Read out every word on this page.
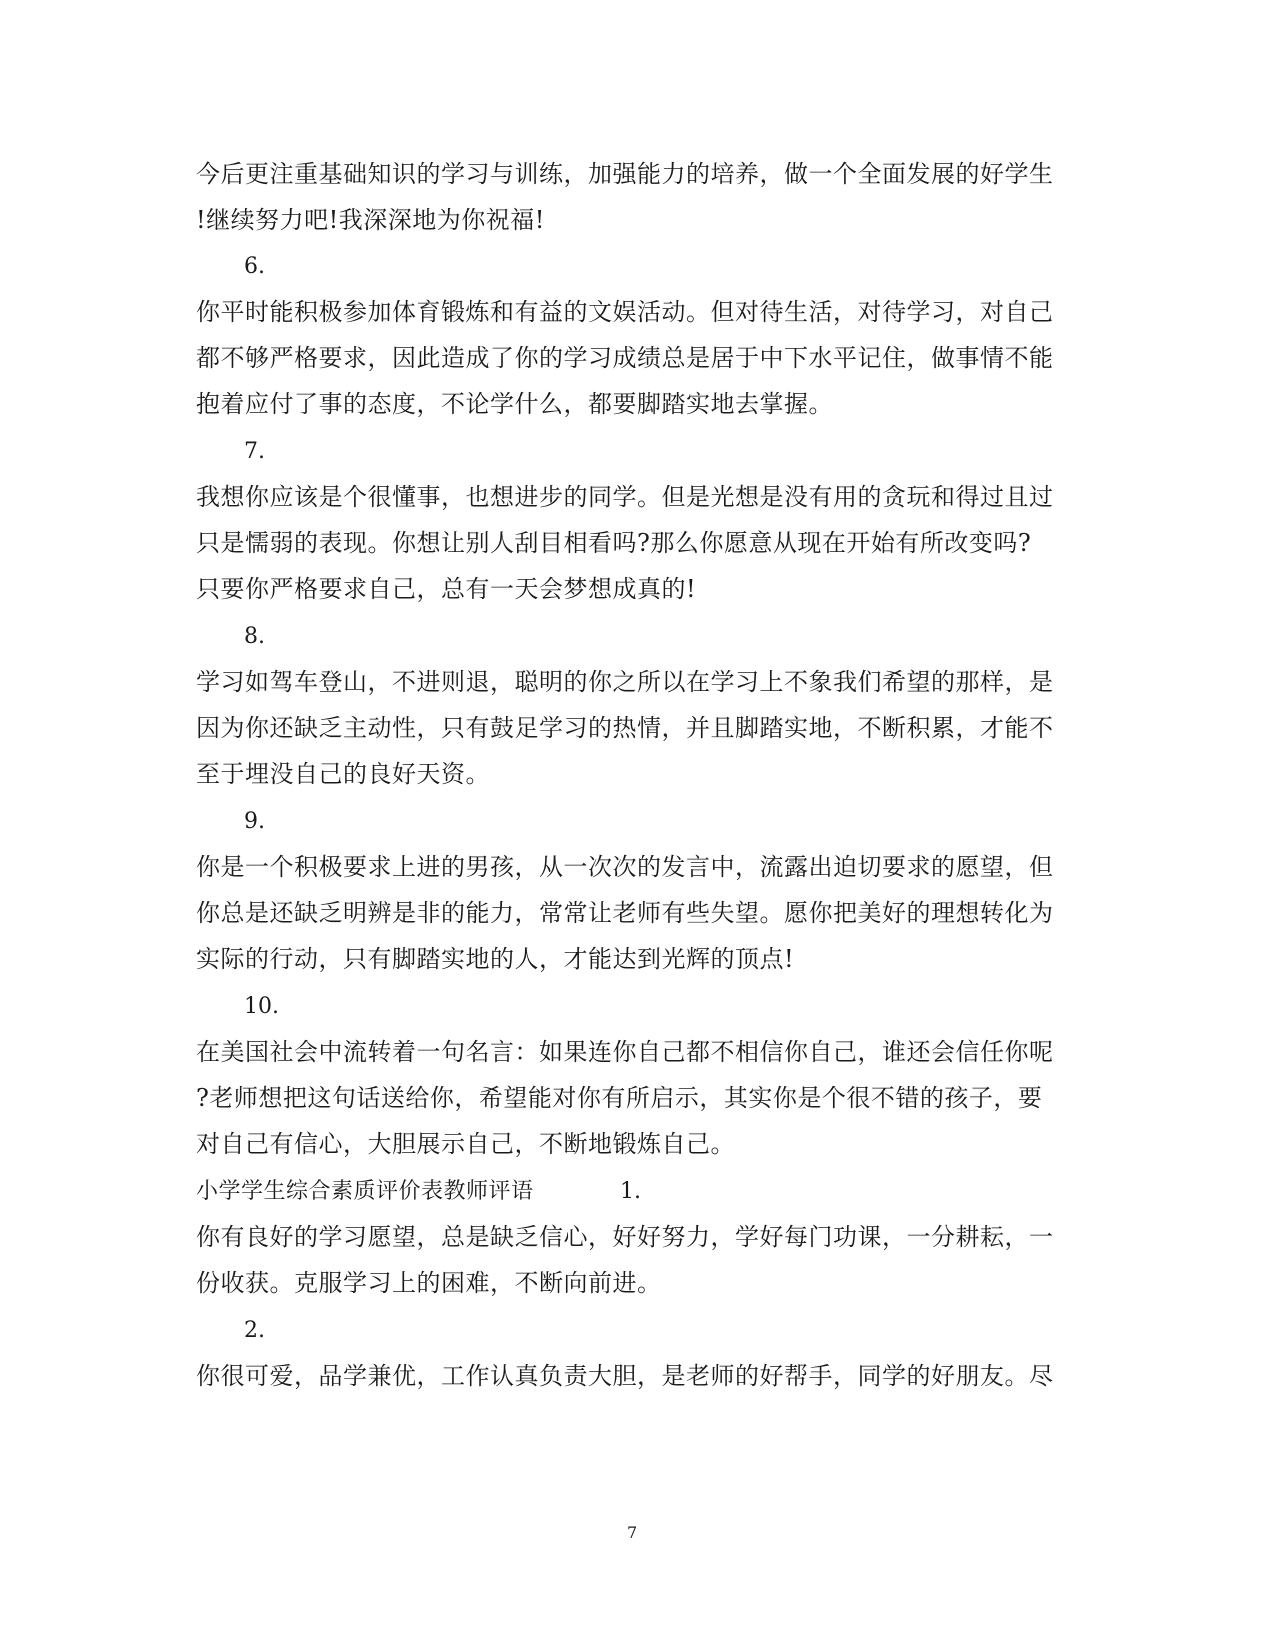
今后更注重基础知识的学习与训练，加强能力的培养，做一个全面发展的好学生
!继续努力吧!我深深地为你祝福!
6.
你平时能积极参加体育锻炼和有益的文娱活动。但对待生活，对待学习，对自己
都不够严格要求，因此造成了你的学习成绩总是居于中下水平记住，做事情不能
抱着应付了事的态度，不论学什么，都要脚踏实地去掌握。
7.
我想你应该是个很懂事，也想进步的同学。但是光想是没有用的贪玩和得过且过
只是懦弱的表现。你想让别人刮目相看吗?那么你愿意从现在开始有所改变吗?
只要你严格要求自己，总有一天会梦想成真的!
8.
学习如驾车登山，不进则退，聪明的你之所以在学习上不象我们希望的那样，是
因为你还缺乏主动性，只有鼓足学习的热情，并且脚踏实地，不断积累，才能不
至于埋没自己的良好天资。
9.
你是一个积极要求上进的男孩，从一次次的发言中，流露出迫切要求的愿望，但
你总是还缺乏明辨是非的能力，常常让老师有些失望。愿你把美好的理想转化为
实际的行动，只有脚踏实地的人，才能达到光辉的顶点!
10.
在美国社会中流转着一句名言：如果连你自己都不相信你自己，谁还会信任你呢
?老师想把这句话送给你，希望能对你有所启示，其实你是个很不错的孩子，要
对自己有信心，大胆展示自己，不断地锻炼自己。
小学学生综合素质评价表教师评语	1.
你有良好的学习愿望，总是缺乏信心，好好努力，学好每门功课，一分耕耘，一
份收获。克服学习上的困难，不断向前进。
2.
你很可爱，品学兼优，工作认真负责大胆，是老师的好帮手，同学的好朋友。尽
7
